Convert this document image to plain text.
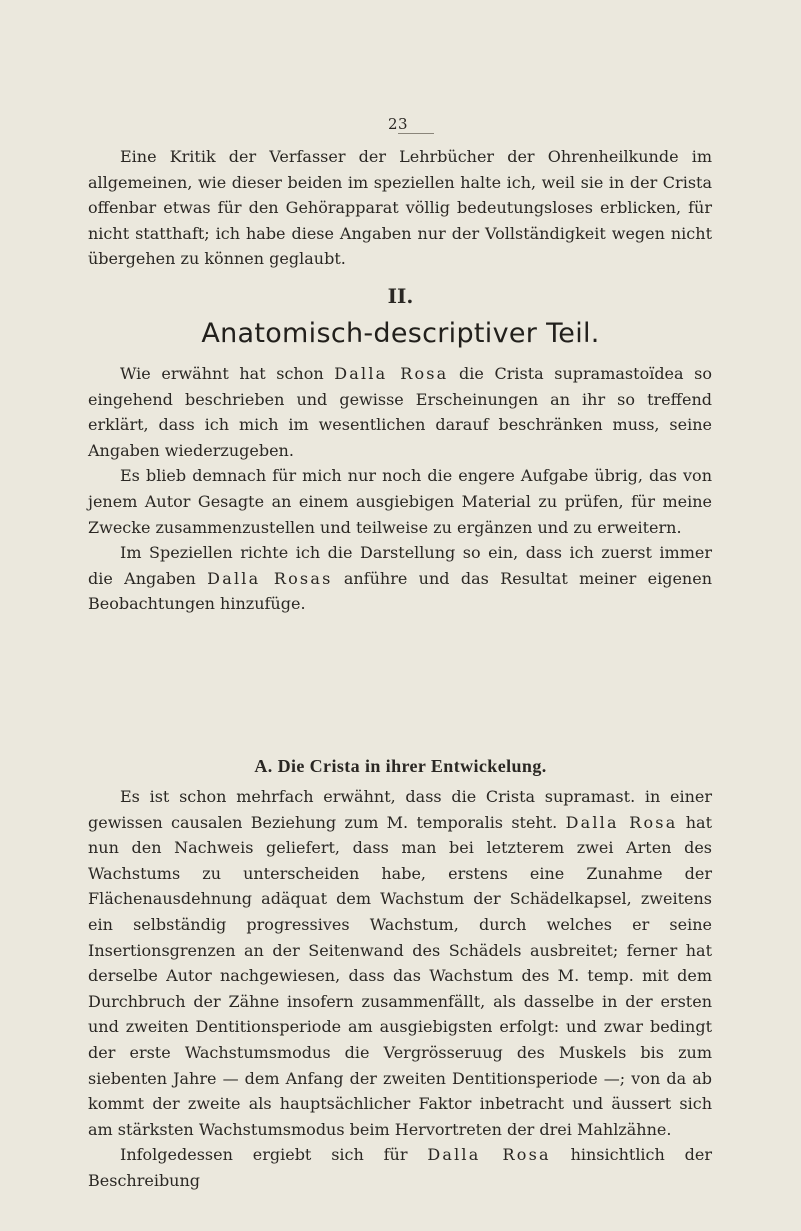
23

Eine Kritik der Verfasser der Lehrbücher der Ohrenheilkunde im allgemeinen, wie dieser beiden im speziellen halte ich, weil sie in der Crista offenbar etwas für den Gehörapparat völlig bedeutungsloses erblicken, für nicht statthaft; ich habe diese Angaben nur der Vollständigkeit wegen nicht übergehen zu können geglaubt.

II.
Anatomisch-descriptiver Teil.

Wie erwähnt hat schon Dalla Rosa die Crista supramastoïdea so eingehend beschrieben und gewisse Erscheinungen an ihr so treffend erklärt, dass ich mich im wesentlichen darauf beschränken muss, seine Angaben wiederzugeben.

Es blieb demnach für mich nur noch die engere Aufgabe übrig, das von jenem Autor Gesagte an einem ausgiebigen Material zu prüfen, für meine Zwecke zusammenzustellen und teilweise zu ergänzen und zu erweitern.

Im Speziellen richte ich die Darstellung so ein, dass ich zuerst immer die Angaben Dalla Rosas anführe und das Resultat meiner eigenen Beobachtungen hinzufüge.

A. Die Crista in ihrer Entwickelung.

Es ist schon mehrfach erwähnt, dass die Crista supramast. in einer gewissen causalen Beziehung zum M. temporalis steht. Dalla Rosa hat nun den Nachweis geliefert, dass man bei letzterem zwei Arten des Wachstums zu unterscheiden habe, erstens eine Zunahme der Flächenausdehnung adäquat dem Wachstum der Schädelkapsel, zweitens ein selbständig progressives Wachstum, durch welches er seine Insertionsgrenzen an der Seitenwand des Schädels ausbreitet; ferner hat derselbe Autor nachgewiesen, dass das Wachstum des M. temp. mit dem Durchbruch der Zähne insofern zusammenfällt, als dasselbe in der ersten und zweiten Dentitionsperiode am ausgiebigsten erfolgt: und zwar bedingt der erste Wachstumsmodus die Vergrösseruug des Muskels bis zum siebenten Jahre — dem Anfang der zweiten Dentitionsperiode —; von da ab kommt der zweite als hauptsächlicher Faktor inbetracht und äussert sich am stärksten Wachstumsmodus beim Hervortreten der drei Mahlzähne.

Infolgedessen ergiebt sich für Dalla Rosa hinsichtlich der Beschreibung
